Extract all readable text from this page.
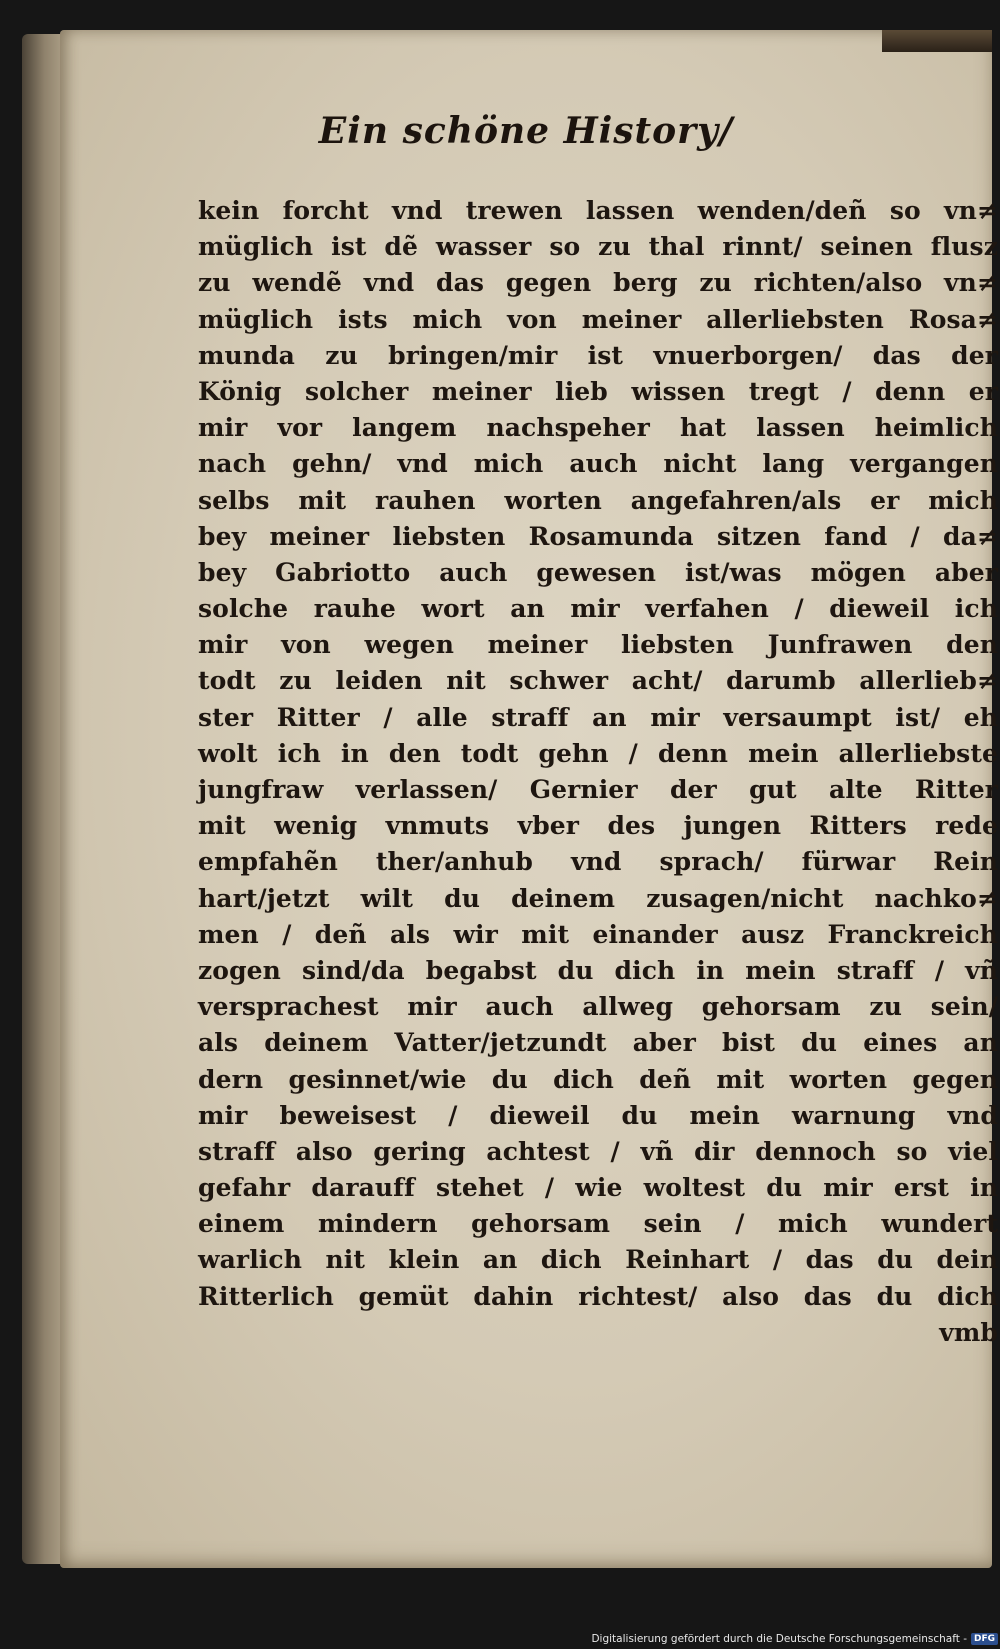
Ein schöne History/
kein forcht vnd trewen lassen wenden/deñ so vn≠
müglich ist dẽ wasser so zu thal rinnt/ seinen flusz
zu wendẽ vnd das gegen berg zu richten/also vn≠
müglich ists mich von meiner allerliebsten Rosa≠
munda zu bringen/mir ist vnuerborgen/ das der
König solcher meiner lieb wissen tregt / denn er
mir vor langem nachspeher hat lassen heimlich
nach gehn/ vnd mich auch nicht lang vergangen
selbs mit rauhen worten angefahren/als er mich
bey meiner liebsten Rosamunda sitzen fand / da≠
bey Gabriotto auch gewesen ist/was mögen aber
solche rauhe wort an mir verfahen / dieweil ich
mir von wegen meiner liebsten Junfrawen den
todt zu leiden nit schwer acht/ darumb allerlieb≠
ster Ritter / alle straff an mir versaumpt ist/ eh
wolt ich in den todt gehn / denn mein allerliebste
jungfraw verlassen/ Gernier der gut alte Ritter
mit wenig vnmuts vber des jungen Ritters rede
empfahẽn ther/anhub vnd sprach/ fürwar Rein
hart/jetzt wilt du deinem zusagen/nicht nachko≠
men / deñ als wir mit einander ausz Franckreich
zogen sind/da begabst du dich in mein straff / vñ
versprachest mir auch allweg gehorsam zu sein/
als deinem Vatter/jetzundt aber bist du eines an
dern gesinnet/wie du dich deñ mit worten gegen
mir beweisest / dieweil du mein warnung vnd
straff also gering achtest / vñ dir dennoch so viel
gefahr darauff stehet / wie woltest du mir erst in
einem mindern gehorsam sein / mich wundert
warlich nit klein an dich Reinhart / das du dein
Ritterlich gemüt dahin richtest/ also das du dich
vmb
Digitalisierung gefördert durch die Deutsche Forschungsgemeinschaft - DFG
